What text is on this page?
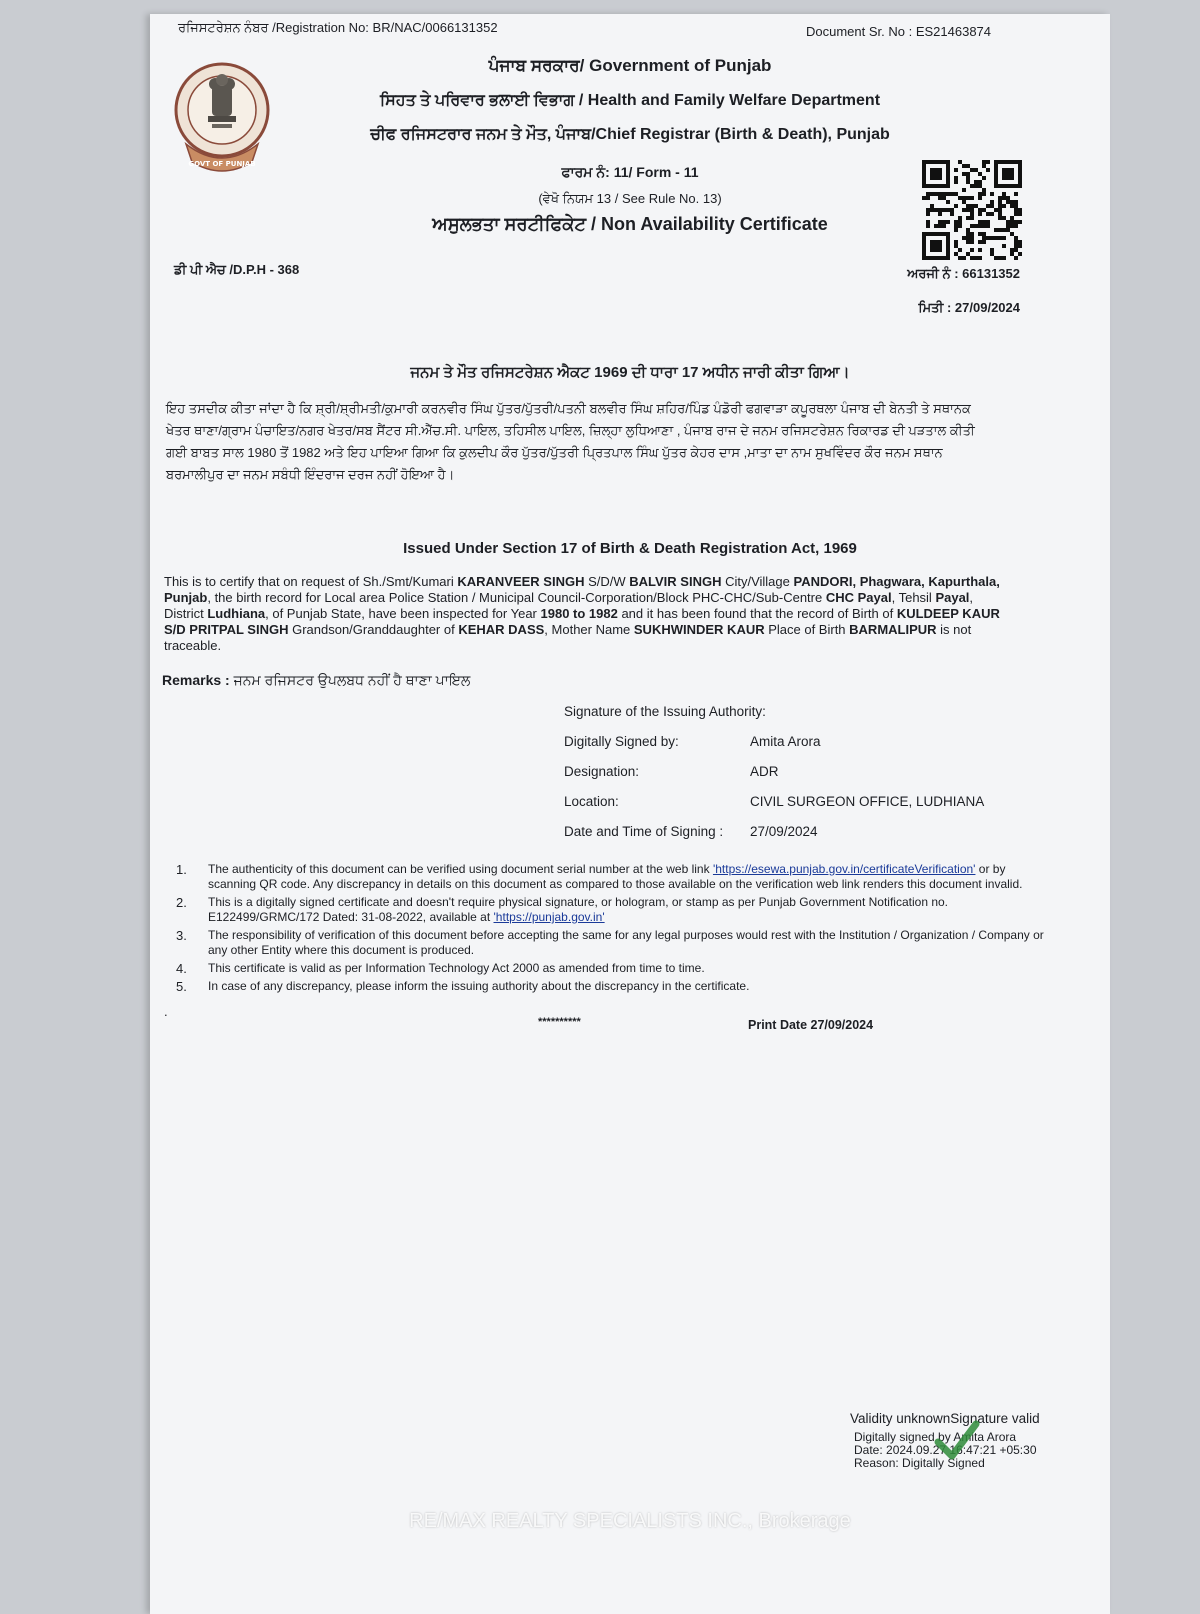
ਰਜਿਸਟਰੇਸ਼ਨ ਨੰਬਰ /Registration No: BR/NAC/0066131352	Document Sr. No : ES21463874
GOVT OF PUNJAB
ਪੰਜਾਬ ਸਰਕਾਰ/ Government of Punjab
ਸਿਹਤ ਤੇ ਪਰਿਵਾਰ ਭਲਾਈ ਵਿਭਾਗ / Health and Family Welfare Department
ਚੀਫ ਰਜਿਸਟਰਾਰ ਜਨਮ ਤੇ ਮੌਤ, ਪੰਜਾਬ/Chief Registrar (Birth & Death), Punjab
ਫਾਰਮ ਨੰ: 11/ Form - 11
(ਵੇਖੋ ਨਿਯਮ 13 / See Rule No. 13)
ਅਸੁਲਭਤਾ ਸਰਟੀਫਿਕੇਟ / Non Availability Certificate
ਡੀ ਪੀ ਐਚ /D.P.H - 368	ਅਰਜੀ ਨੰ : 66131352
ਮਿਤੀ : 27/09/2024
ਜਨਮ ਤੇ ਮੌਤ ਰਜਿਸਟਰੇਸ਼ਨ ਐਕਟ 1969 ਦੀ ਧਾਰਾ 17 ਅਧੀਨ ਜਾਰੀ ਕੀਤਾ ਗਿਆ।
ਇਹ ਤਸਦੀਕ ਕੀਤਾ ਜਾਂਦਾ ਹੈ ਕਿ ਸ਼੍ਰੀ/ਸ਼੍ਰੀਮਤੀ/ਕੁਮਾਰੀ ਕਰਨਵੀਰ ਸਿੰਘ ਪੁੱਤਰ/ਪੁੱਤਰੀ/ਪਤਨੀ ਬਲਵੀਰ ਸਿੰਘ ਸ਼ਹਿਰ/ਪਿੰਡ ਪੰਡੋਰੀ ਫਗਵਾੜਾ ਕਪੂਰਥਲਾ ਪੰਜਾਬ ਦੀ ਬੇਨਤੀ ਤੇ ਸਥਾਨਕ ਖੇਤਰ ਥਾਣਾ/ਗ੍ਰਾਮ ਪੰਚਾਇਤ/ਨਗਰ ਖੇਤਰ/ਸਬ ਸੈਂਟਰ ਸੀ.ਐੱਚ.ਸੀ. ਪਾਇਲ, ਤਹਿਸੀਲ ਪਾਇਲ, ਜ਼ਿਲ੍ਹਾ ਲੁਧਿਆਣਾ , ਪੰਜਾਬ ਰਾਜ ਦੇ ਜਨਮ ਰਜਿਸਟਰੇਸ਼ਨ ਰਿਕਾਰਡ ਦੀ ਪੜਤਾਲ ਕੀਤੀ ਗਈ ਬਾਬਤ ਸਾਲ 1980 ਤੋਂ 1982 ਅਤੇ ਇਹ ਪਾਇਆ ਗਿਆ ਕਿ ਕੁਲਦੀਪ ਕੌਰ ਪੁੱਤਰ/ਪੁੱਤਰੀ ਪ੍ਰਿਤਪਾਲ ਸਿੰਘ ਪੁੱਤਰ ਕੇਹਰ ਦਾਸ ,ਮਾਤਾ ਦਾ ਨਾਮ ਸੁਖਵਿੰਦਰ ਕੌਰ ਜਨਮ ਸਥਾਨ ਬਰਮਾਲੀਪੁਰ ਦਾ ਜਨਮ ਸਬੰਧੀ ਇੰਦਰਾਜ ਦਰਜ ਨਹੀਂ ਹੋਇਆ ਹੈ।
Issued Under Section 17 of Birth & Death Registration Act, 1969
This is to certify that on request of Sh./Smt/Kumari KARANVEER SINGH S/D/W BALVIR SINGH City/Village PANDORI, Phagwara, Kapurthala, Punjab, the birth record for Local area Police Station / Municipal Council-Corporation/Block PHC-CHC/Sub-Centre CHC Payal, Tehsil Payal, District Ludhiana, of Punjab State, have been inspected for Year 1980 to 1982 and it has been found that the record of Birth of KULDEEP KAUR S/D PRITPAL SINGH Grandson/Granddaughter of KEHAR DASS, Mother Name SUKHWINDER KAUR Place of Birth BARMALIPUR is not traceable.
Remarks : ਜਨਮ ਰਜਿਸਟਰ ਉਪਲਬਧ ਨਹੀਂ ਹੈ ਥਾਣਾ ਪਾਇਲ
Signature of the Issuing Authority:
Digitally Signed by:	Amita Arora
Designation:	ADR
Location:	CIVIL SURGEON OFFICE, LUDHIANA
Date and Time of Signing :	27/09/2024
1.	The authenticity of this document can be verified using document serial number at the web link 'https://esewa.punjab.gov.in/certificateVerification' or by scanning QR code. Any discrepancy in details on this document as compared to those available on the verification web link renders this document invalid.
2.	This is a digitally signed certificate and doesn't require physical signature, or hologram, or stamp as per Punjab Government Notification no. E122499/GRMC/172 Dated: 31-08-2022, available at 'https://punjab.gov.in'
3.	The responsibility of verification of this document before accepting the same for any legal purposes would rest with the Institution / Organization / Company or any other Entity where this document is produced.
4.	This certificate is valid as per Information Technology Act 2000 as amended from time to time.
5.	In case of any discrepancy, please inform the issuing authority about the discrepancy in the certificate.
.
**********	Print Date 27/09/2024
Validity unknownSignature valid
Digitally signed by Amita Arora
Date: 2024.09.27 16:47:21 +05:30
Reason: Digitally Signed
RE/MAX REALTY SPECIALISTS INC., Brokerage
